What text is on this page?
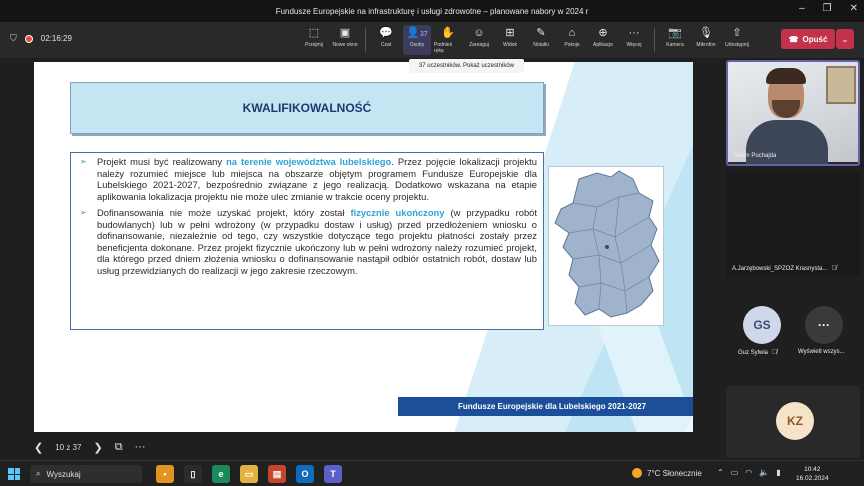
Fundusze Europejskie na infrastrukturę i usługi zdrowotne – planowane nabory w 2024 r	– ❐ ✕
⛉	02:16:29	⬚
Przejmij
▣
Nowe okno
💬
Czat
👤37
Osoby
✋
Podnieś rękę
☺
Zareaguj
⊞
Widok
✎
Notatki
⌂
Pokoje
⊕
Aplikacje
···
Więcej
📷
Kamera
🎙
Mikrofon
⇧
Udostępnij
☎ Opuść ⌄
KWALIFIKOWALNOŚĆ

➢ Projekt musi być realizowany na terenie województwa lubelskiego. Przez pojęcie lokalizacji projektu należy rozumieć miejsce lub miejsca na obszarze objętym programem Fundusze Europejskie dla Lubelskiego 2021-2027, bezpośrednio związane z jego realizacją. Dodatkowo wskazana na etapie aplikowania lokalizacja projektu nie może ulec zmianie w trakcie oceny projektu.

➢ Dofinansowania nie może uzyskać projekt, który został fizycznie ukończony (w przypadku robót budowlanych) lub w pełni wdrożony (w przypadku dostaw i usług) przed przedłożeniem wniosku o dofinansowanie, niezależnie od tego, czy wszystkie dotyczące tego projektu płatności zostały przez beneficjenta dokonane. Przez projekt fizycznie ukończony lub w pełni wdrożony należy rozumieć projekt, dla którego przed dniem złożenia wniosku o dofinansowanie nastąpił odbiór ostatnich robót, dostaw lub usług przewidzianych do realizacji w jego zakresie rzeczowym.

Fundusze Europejskie dla Lubelskiego 2021-2027
37 uczestników. Pokaż uczestników
❮ 10 z 37 ❯ ⧉ ···
Adam Puchajda
A.Jarzębowski_SPZOZ Krasnysta... 🎙̸
GS
Guz Sylwia 🎙̸
···
Wyświetl wszys...
KZ
⌕ Wyszukaj	▪	▯	e	▭	▤	O	T	7°C Słonecznie ⌃ ▭ ◠ 🔈 ▮	10:42
16.02.2024
